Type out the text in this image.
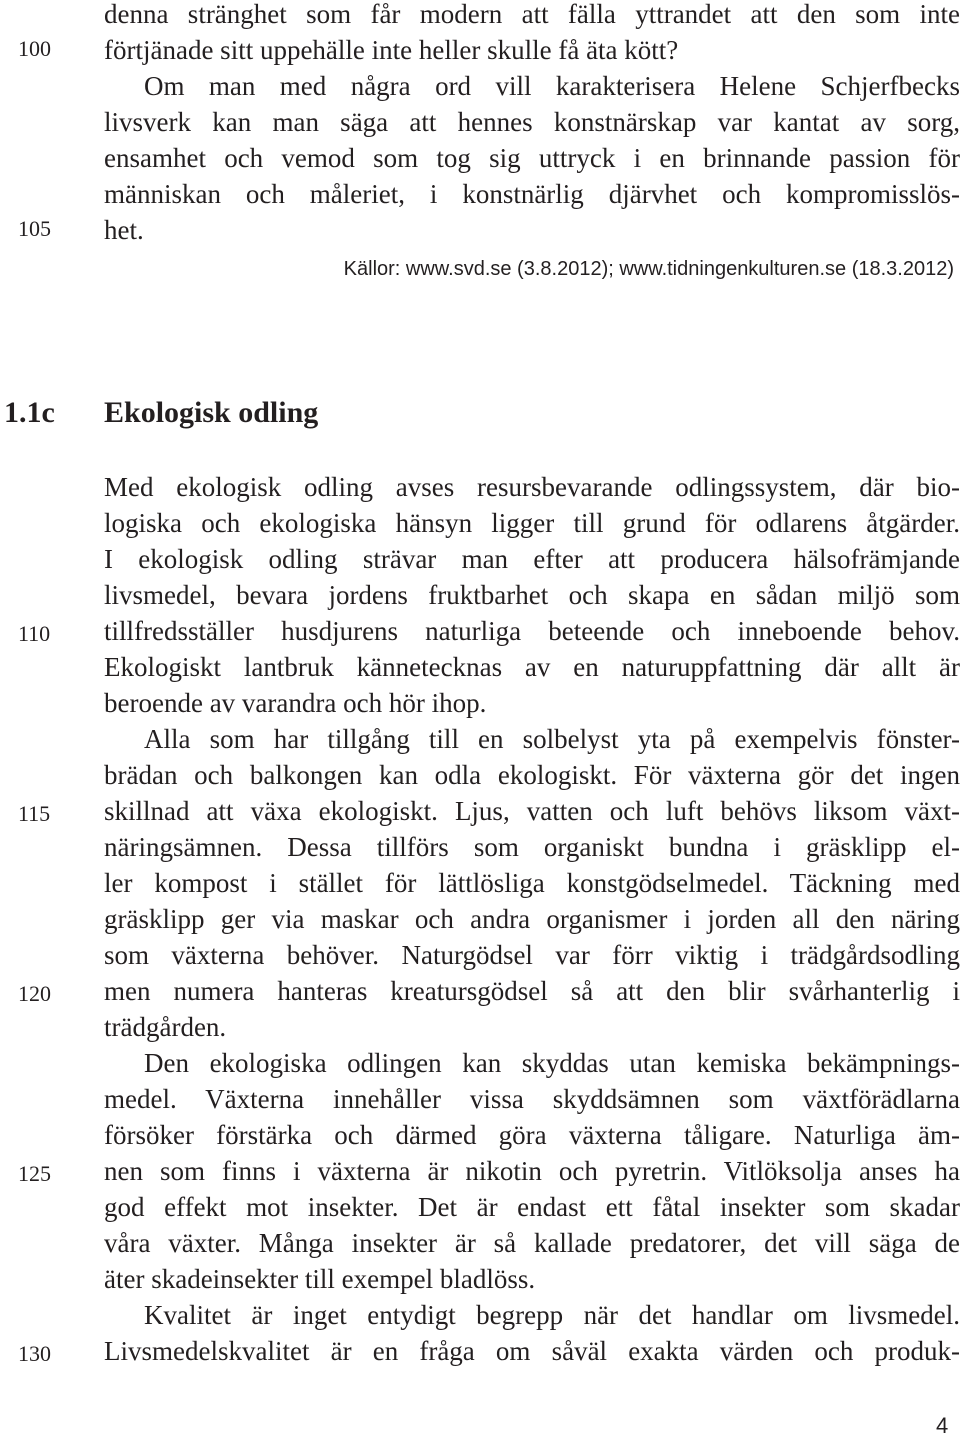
100
105
110
115
120
125
130
denna stränghet som får modern att fälla yttrandet att den som inte
förtjänade sitt uppehälle inte heller skulle få äta kött?
Om man med några ord vill karakterisera Helene Schjerfbecks
livsverk kan man säga att hennes konstnärskap var kantat av sorg,
ensamhet och vemod som tog sig uttryck i en brinnande passion för
människan och måleriet, i konstnärlig djärvhet och kompromisslös-
het.
Källor: www.svd.se (3.8.2012); www.tidningenkulturen.se (18.3.2012)
1.1c Ekologisk odling
Med ekologisk odling avses resursbevarande odlingssystem, där bio-
logiska och ekologiska hänsyn ligger till grund för odlarens åtgärder.
I ekologisk odling strävar man efter att producera hälsofrämjande
livsmedel, bevara jordens fruktbarhet och skapa en sådan miljö som
tillfredsställer husdjurens naturliga beteende och inneboende behov.
Ekologiskt lantbruk kännetecknas av en naturuppfattning där allt är
beroende av varandra och hör ihop.
Alla som har tillgång till en solbelyst yta på exempelvis fönster-
brädan och balkongen kan odla ekologiskt. För växterna gör det ingen
skillnad att växa ekologiskt. Ljus, vatten och luft behövs liksom växt-
näringsämnen. Dessa tillförs som organiskt bundna i gräsklipp el-
ler kompost i stället för lättlösliga konstgödselmedel. Täckning med
gräsklipp ger via maskar och andra organismer i jorden all den näring
som växterna behöver. Naturgödsel var förr viktig i trädgårdsodling
men numera hanteras kreatursgödsel så att den blir svårhanterlig i
trädgården.
Den ekologiska odlingen kan skyddas utan kemiska bekämpnings-
medel. Växterna innehåller vissa skyddsämnen som växtförädlarna
försöker förstärka och därmed göra växterna tåligare. Naturliga äm-
nen som finns i växterna är nikotin och pyretrin. Vitlöksolja anses ha
god effekt mot insekter. Det är endast ett fåtal insekter som skadar
våra växter. Många insekter är så kallade predatorer, det vill säga de
äter skadeinsekter till exempel bladlöss.
Kvalitet är inget entydigt begrepp när det handlar om livsmedel.
Livsmedelskvalitet är en fråga om såväl exakta värden och produk-
4
